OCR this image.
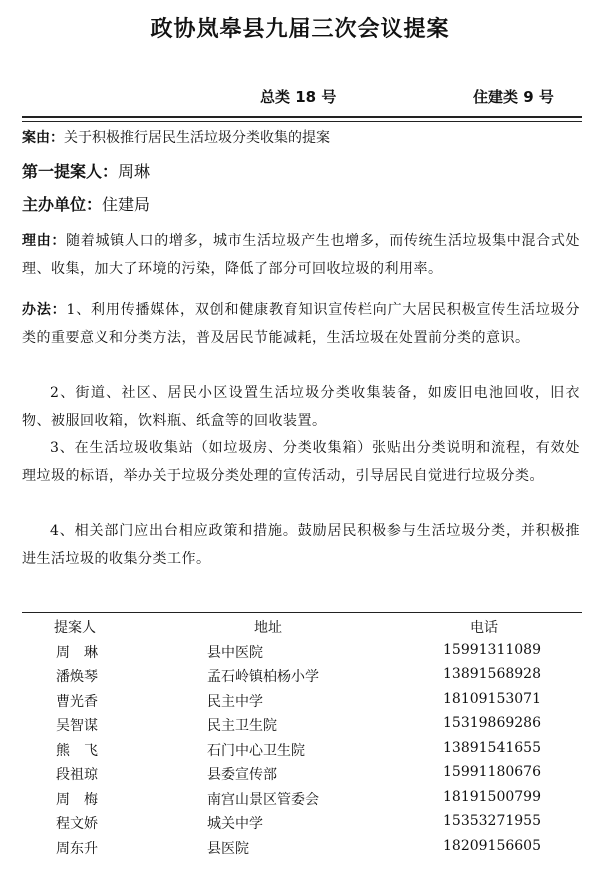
政协岚皋县九届三次会议提案
总类 18 号	住建类 9 号
案由：关于积极推行居民生活垃圾分类收集的提案
第一提案人：周琳
主办单位：住建局
理由：随着城镇人口的增多，城市生活垃圾产生也增多，而传统生活垃圾集中混合式处理、收集，加大了环境的污染，降低了部分可回收垃圾的利用率。
办法：1、利用传播媒体，双创和健康教育知识宣传栏向广大居民积极宣传生活垃圾分类的重要意义和分类方法，普及居民节能减耗，生活垃圾在处置前分类的意识。
2、街道、社区、居民小区设置生活垃圾分类收集装备，如废旧电池回收，旧衣物、被服回收箱，饮料瓶、纸盒等的回收装置。
3、在生活垃圾收集站（如垃圾房、分类收集箱）张贴出分类说明和流程，有效处理垃圾的标语，举办关于垃圾分类处理的宣传活动，引导居民自觉进行垃圾分类。
4、相关部门应出台相应政策和措施。鼓励居民积极参与生活垃圾分类，并积极推进生活垃圾的收集分类工作。
提案人	地址	电话
周　琳	县中医院	15991311089
潘焕琴	孟石岭镇柏杨小学	13891568928
曹光香	民主中学	18109153071
吴智谋	民主卫生院	15319869286
熊　飞	石门中心卫生院	13891541655
段祖琼	县委宣传部	15991180676
周　梅	南宫山景区管委会	18191500799
程文娇	城关中学	15353271955
周东升	县医院	18209156605
